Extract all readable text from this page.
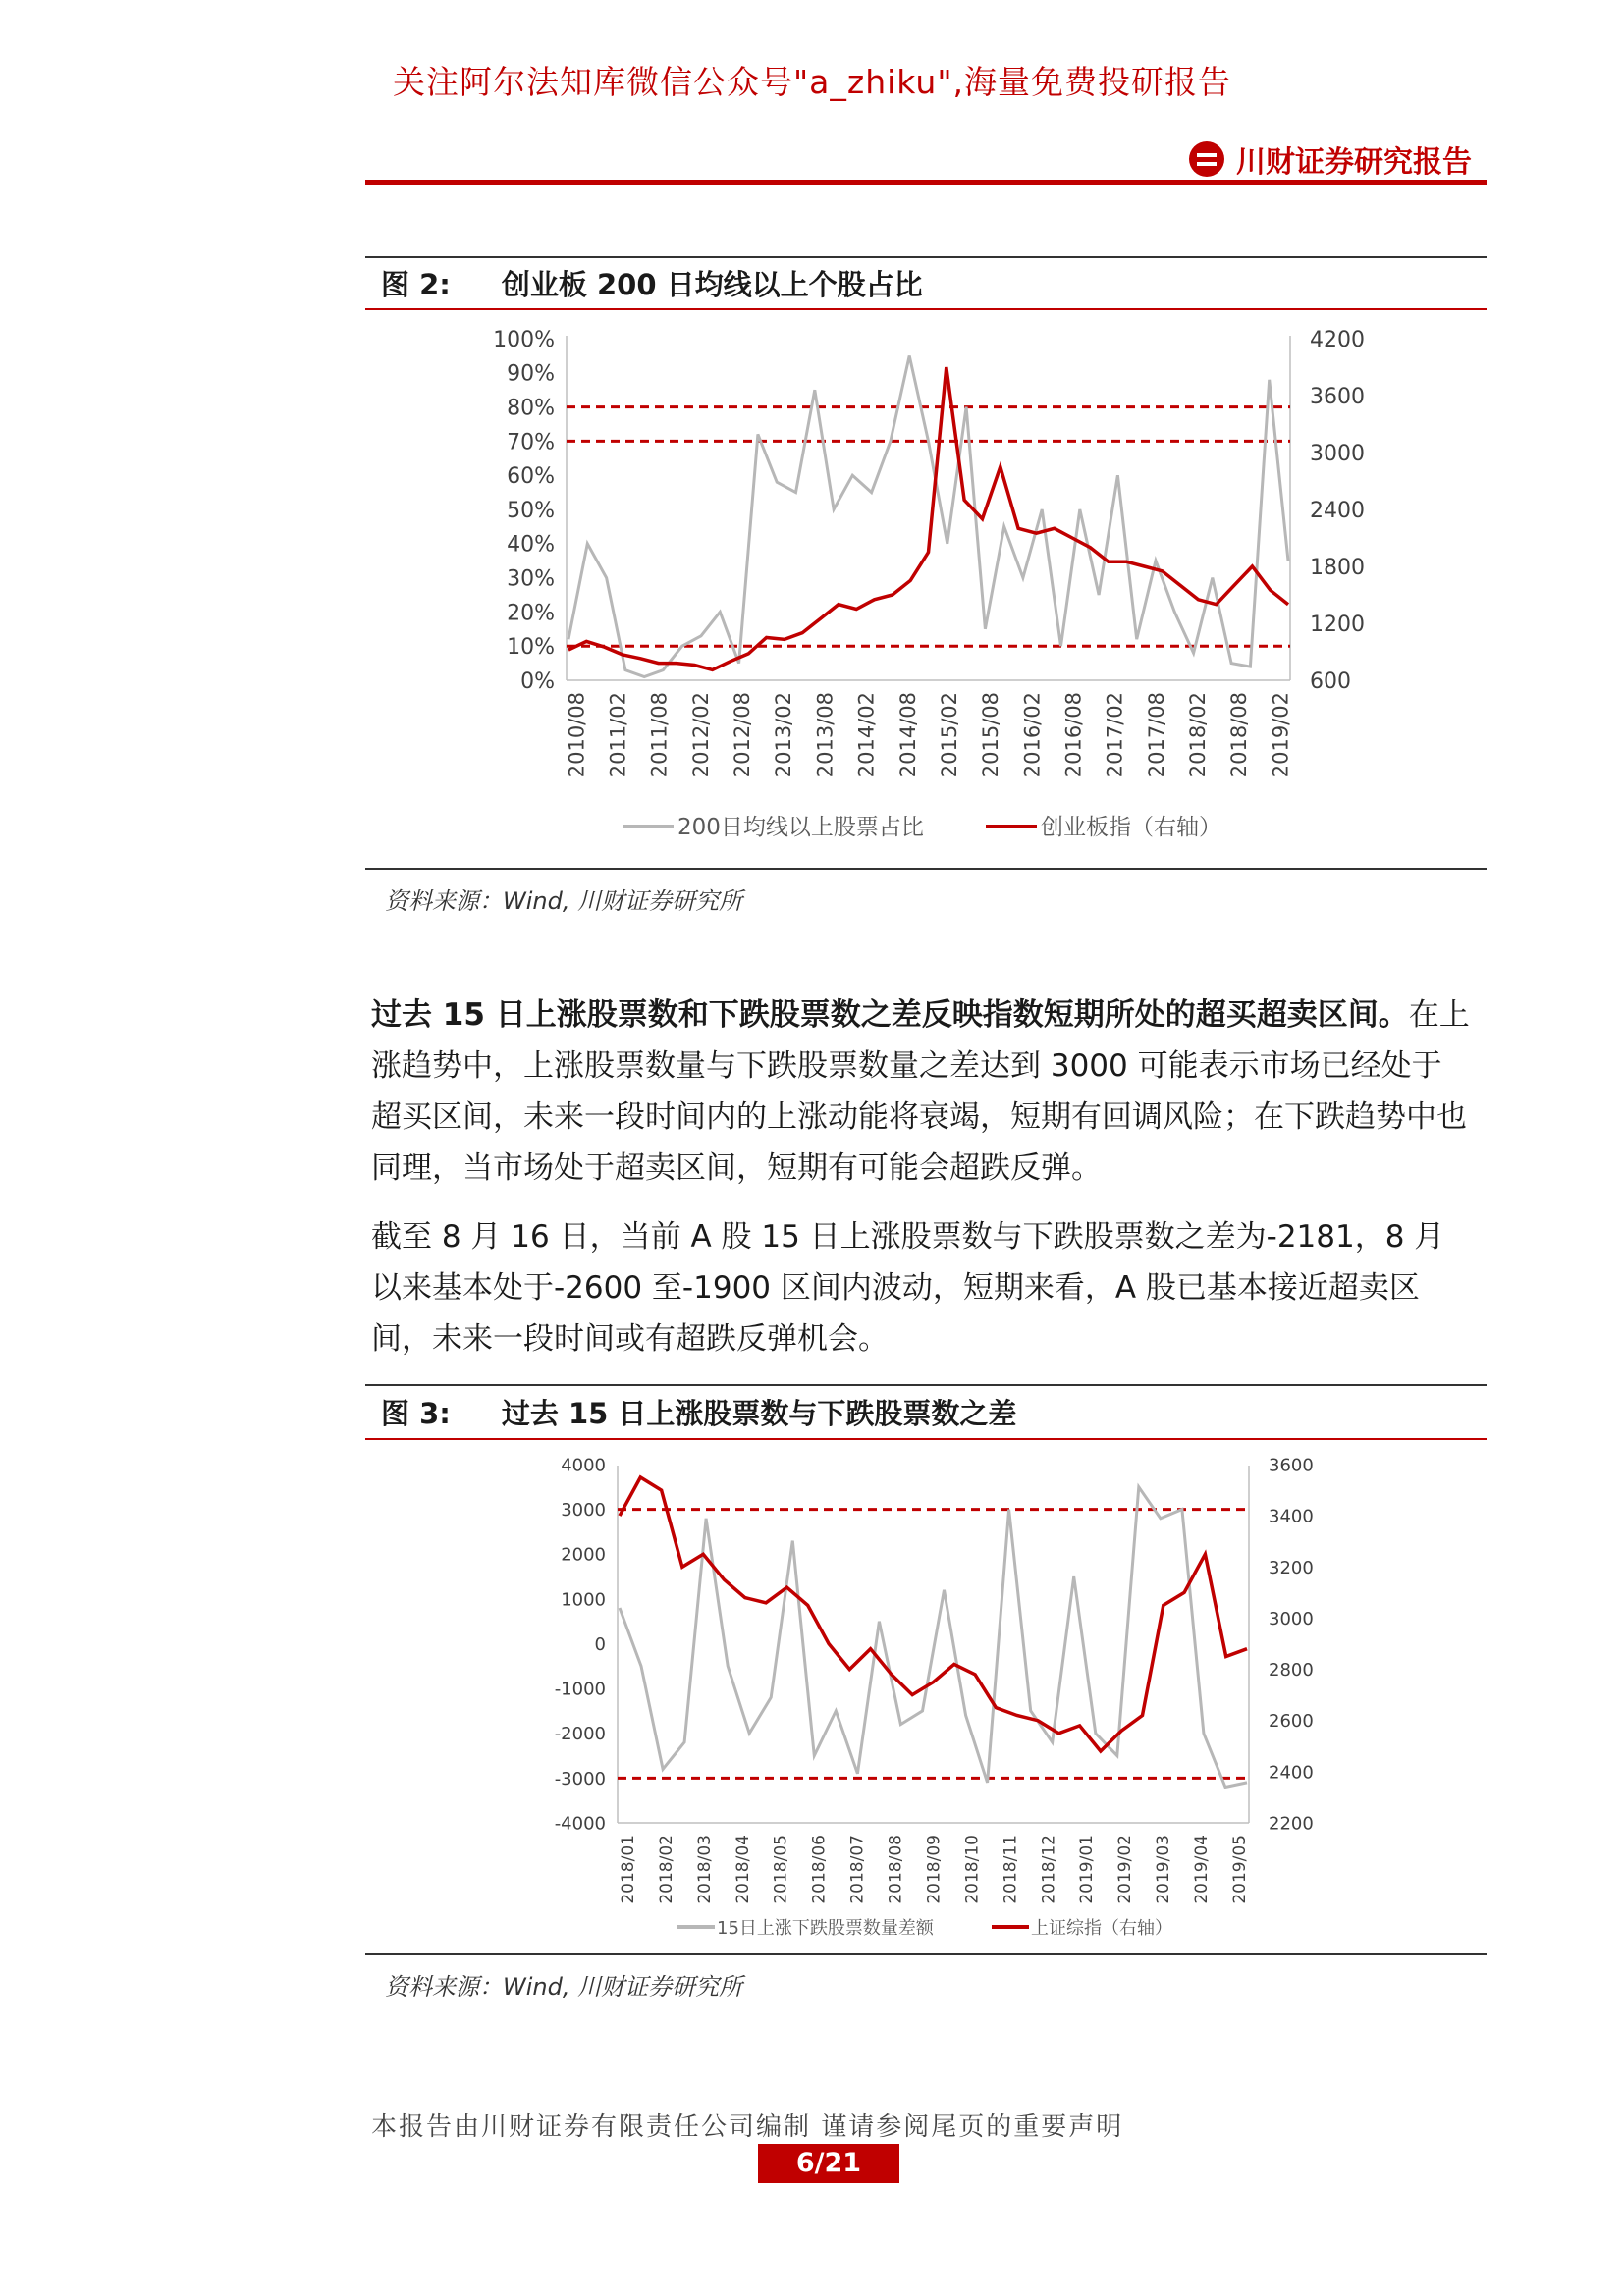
关注阿尔法知库微信公众号"a_zhiku",海量免费投研报告
川财证券研究报告
图 2: 创业板 200 日均线以上个股占比
0%
10%
20%
30%
40%
50%
60%
70%
80%
90%
100%
600
1200
1800
2400
3000
3600
4200
2010/08 2011/02 2011/08 2012/02 2012/08 2013/02 2013/08 2014/02 2014/08 2015/02 2015/08 2016/02 2016/08 2017/02 2017/08 2018/02 2018/08 2019/02
200日均线以上股票占比	创业板指（右轴）
资料来源：Wind, 川财证券研究所
过去 15 日上涨股票数和下跌股票数之差反映指数短期所处的超买超卖区间。在上涨趋势中，上涨股票数量与下跌股票数量之差达到 3000 可能表示市场已经处于超买区间，未来一段时间内的上涨动能将衰竭，短期有回调风险；在下跌趋势中也同理，当市场处于超卖区间，短期有可能会超跌反弹。
截至 8 月 16 日，当前 A 股 15 日上涨股票数与下跌股票数之差为-2181，8 月以来基本处于-2600 至-1900 区间内波动，短期来看，A 股已基本接近超卖区间，未来一段时间或有超跌反弹机会。
图 3: 过去 15 日上涨股票数与下跌股票数之差
-4000
-3000
-2000
-1000
0
1000
2000
3000
4000
2200
2400
2600
2800
3000
3200
3400
3600
2018/01 2018/02 2018/03 2018/04 2018/05 2018/06 2018/07 2018/08 2018/09 2018/10 2018/11 2018/12 2019/01 2019/02 2019/03 2019/04 2019/05
15日上涨下跌股票数量差额	上证综指（右轴）
资料来源：Wind, 川财证券研究所
本报告由川财证券有限责任公司编制 谨请参阅尾页的重要声明
6/21
